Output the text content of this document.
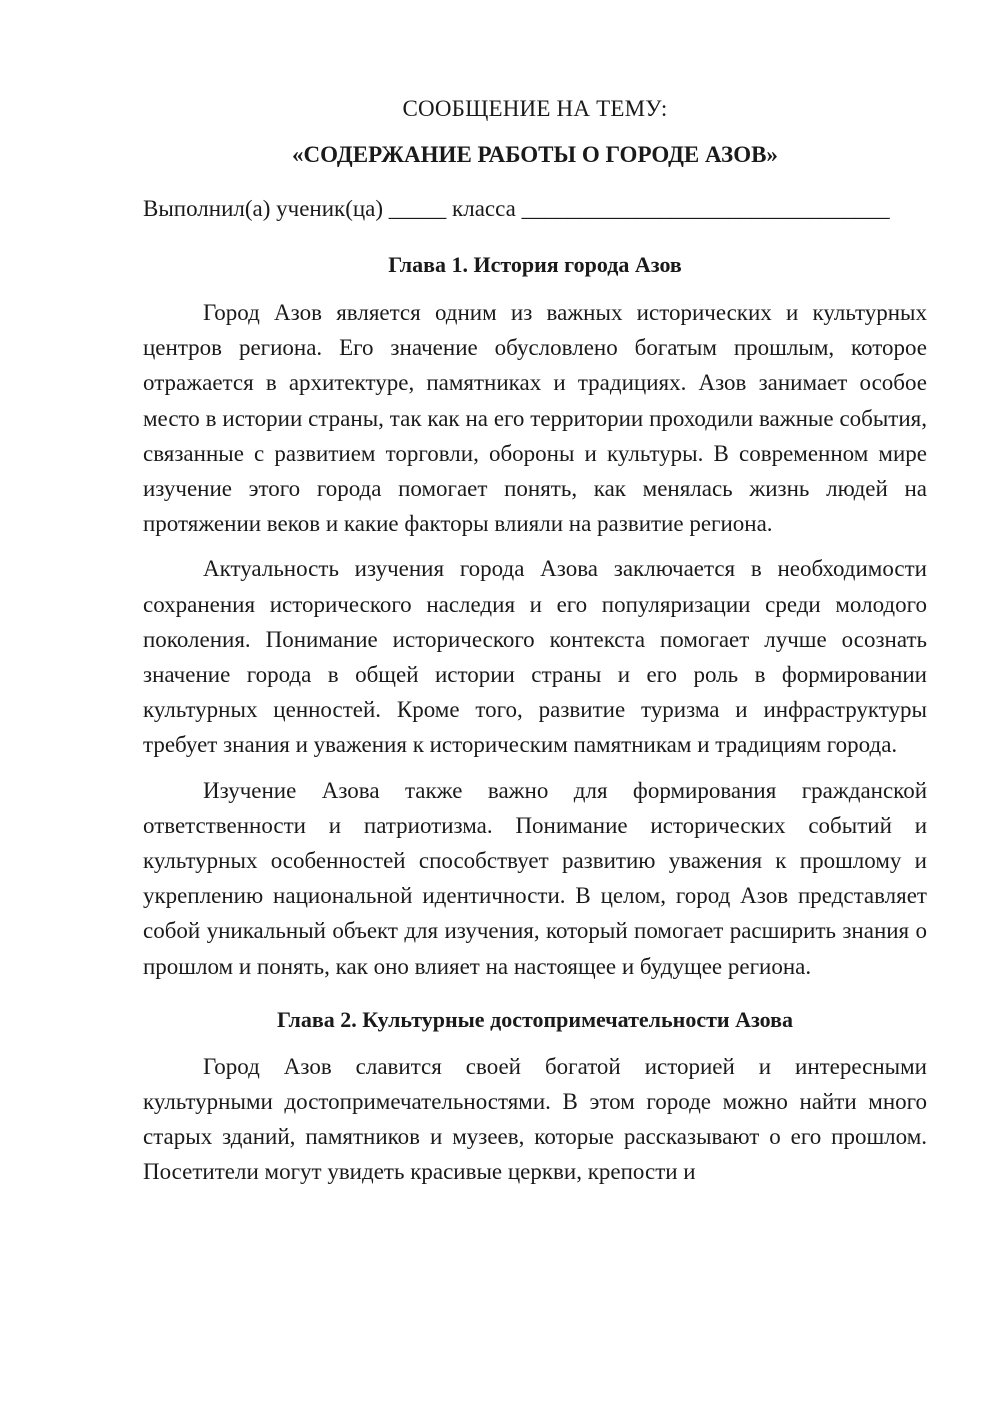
СООБЩЕНИЕ НА ТЕМУ:

«СОДЕРЖАНИЕ РАБОТЫ О ГОРОДЕ АЗОВ»

Выполнил(а) ученик(ца) _____ класса ________________________________

Глава 1. История города Азов

Город Азов является одним из важных исторических и культурных центров региона. Его значение обусловлено богатым прошлым, которое отражается в архитектуре, памятниках и традициях. Азов занимает особое место в истории страны, так как на его территории проходили важные события, связанные с развитием торговли, обороны и культуры. В современном мире изучение этого города помогает понять, как менялась жизнь людей на протяжении веков и какие факторы влияли на развитие региона.

Актуальность изучения города Азова заключается в необходимости сохранения исторического наследия и его популяризации среди молодого поколения. Понимание исторического контекста помогает лучше осознать значение города в общей истории страны и его роль в формировании культурных ценностей. Кроме того, развитие туризма и инфраструктуры требует знания и уважения к историческим памятникам и традициям города.

Изучение Азова также важно для формирования гражданской ответственности и патриотизма. Понимание исторических событий и культурных особенностей способствует развитию уважения к прошлому и укреплению национальной идентичности. В целом, город Азов представляет собой уникальный объект для изучения, который помогает расширить знания о прошлом и понять, как оно влияет на настоящее и будущее региона.

Глава 2. Культурные достопримечательности Азова

Город Азов славится своей богатой историей и интересными культурными достопримечательностями. В этом городе можно найти много старых зданий, памятников и музеев, которые рассказывают о его прошлом. Посетители могут увидеть красивые церкви, крепости и
